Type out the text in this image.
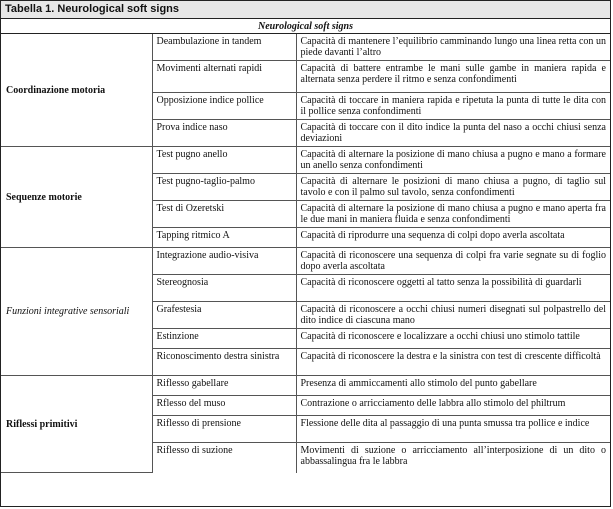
Tabella 1. Neurological soft signs
Neurological soft signs		
Coordinazione motoria	Deambulazione in tandem	Capacità di mantenere l’equilibrio camminando lungo una linea retta con un piede davanti l’altro
	Movimenti alternati rapidi	Capacità di battere entrambe le mani sulle gambe in maniera rapida e alternata senza perdere il ritmo e senza confondimenti
	Opposizione indice pollice	Capacità di toccare in maniera rapida e ripetuta la punta di tutte le dita con il pollice senza confondimenti
	Prova indice naso	Capacità di toccare con il dito indice la punta del naso a occhi chiusi senza deviazioni
Sequenze motorie	Test pugno anello	Capacità di alternare la posizione di mano chiusa a pugno e mano a formare un anello senza confondimenti
	Test pugno-taglio-palmo	Capacità di alternare le posizioni di mano chiusa a pugno, di taglio sul tavolo e con il palmo sul tavolo, senza confondimenti
	Test di Ozeretski	Capacità di alternare la posizione di mano chiusa a pugno e mano aperta fra le due mani in maniera fluida e senza confondimenti
	Tapping ritmico A	Capacità di riprodurre una sequenza di colpi dopo averla ascoltata
Funzioni integrative sensoriali	Integrazione audio-visiva	Capacità di riconoscere una sequenza di colpi fra varie segnate su di foglio dopo averla ascoltata
	Stereognosia	Capacità di riconoscere oggetti al tatto senza la possibilità di guardarli
	Grafestesia	Capacità di riconoscere a occhi chiusi numeri disegnati sul polpastrello del dito indice di ciascuna mano
	Estinzione	Capacità di riconoscere e localizzare a occhi chiusi uno stimolo tattile
	Riconoscimento destra sinistra	Capacità di riconoscere la destra e la sinistra con test di crescente difficoltà
Riflessi primitivi	Riflesso gabellare	Presenza di ammiccamenti allo stimolo del punto gabellare
	Rflesso del muso	Contrazione o arricciamento delle labbra allo stimolo del philtrum
	Riflesso di prensione	Flessione delle dita al passaggio di una punta smussa tra pollice e indice
	Riflesso di suzione	Movimenti di suzione o arricciamento all’interposizione di un dito o abbassalingua fra le labbra
